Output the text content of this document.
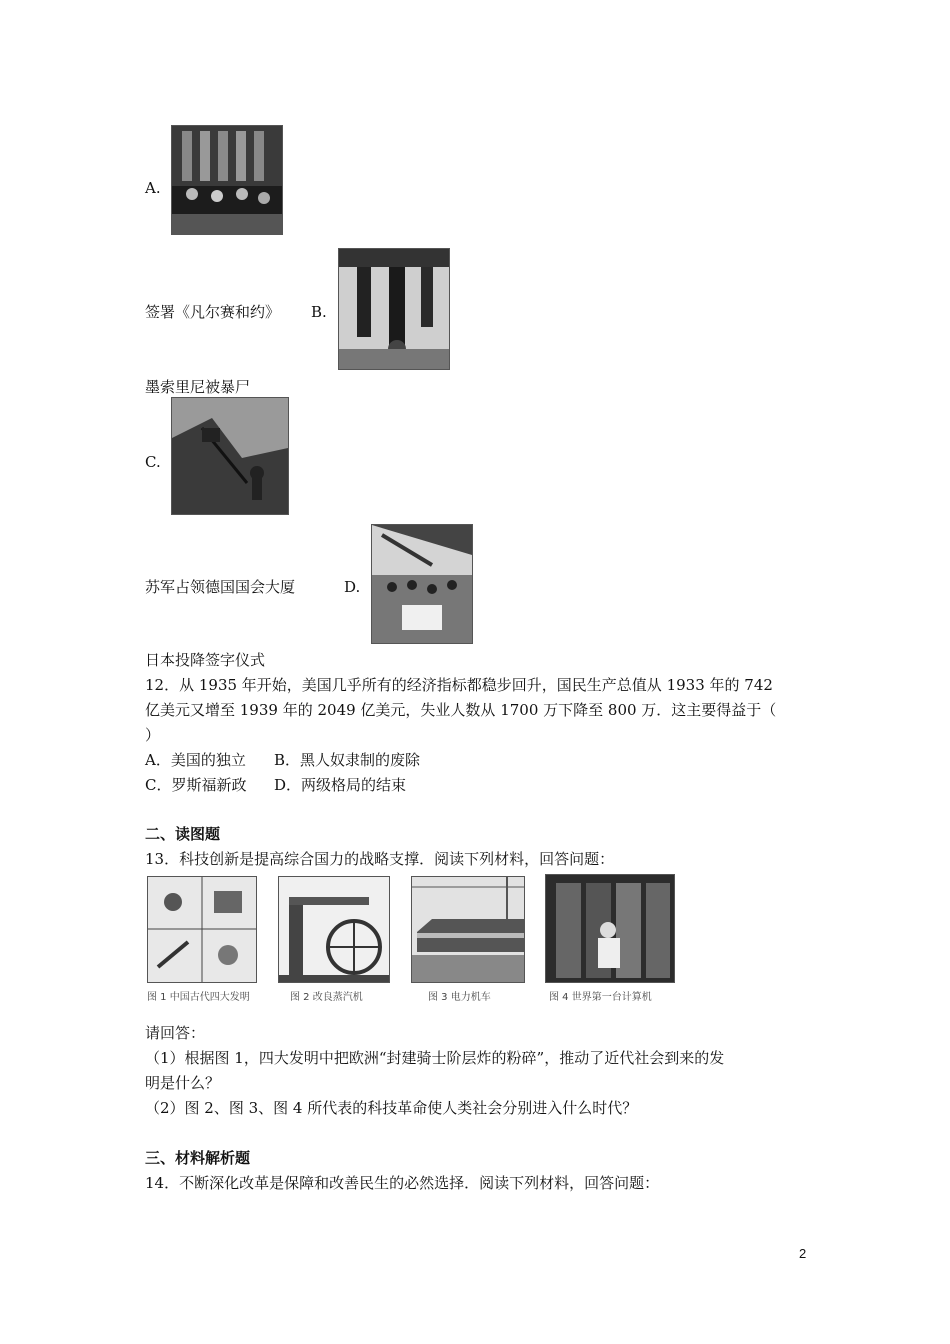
A.
签署《凡尔赛和约》 B.
墨索里尼被暴尸
C.
苏军占领德国国会大厦	D.
日本投降签字仪式
12．从 1935 年开始，美国几乎所有的经济指标都稳步回升，国民生产总值从 1933 年的 742
亿美元又增至 1939 年的 2049 亿美元，失业人数从 1700 万下降至 800 万．这主要得益于（
）
A．美国的独立 B．黑人奴隶制的废除
C．罗斯福新政 D．两级格局的结束
二、读图题
13．科技创新是提高综合国力的战略支撑．阅读下列材料，回答问题：
图 1 中国古代四大发明	图 2 改良蒸汽机	图 3 电力机车	图 4 世界第一台计算机
请回答：
（1）根据图 1，四大发明中把欧洲“封建骑士阶层炸的粉碎”，推动了近代社会到来的发
明是什么？
（2）图 2、图 3、图 4 所代表的科技革命使人类社会分别进入什么时代？
三、材料解析题
14．不断深化改革是保障和改善民生的必然选择．阅读下列材料，回答问题：
2
